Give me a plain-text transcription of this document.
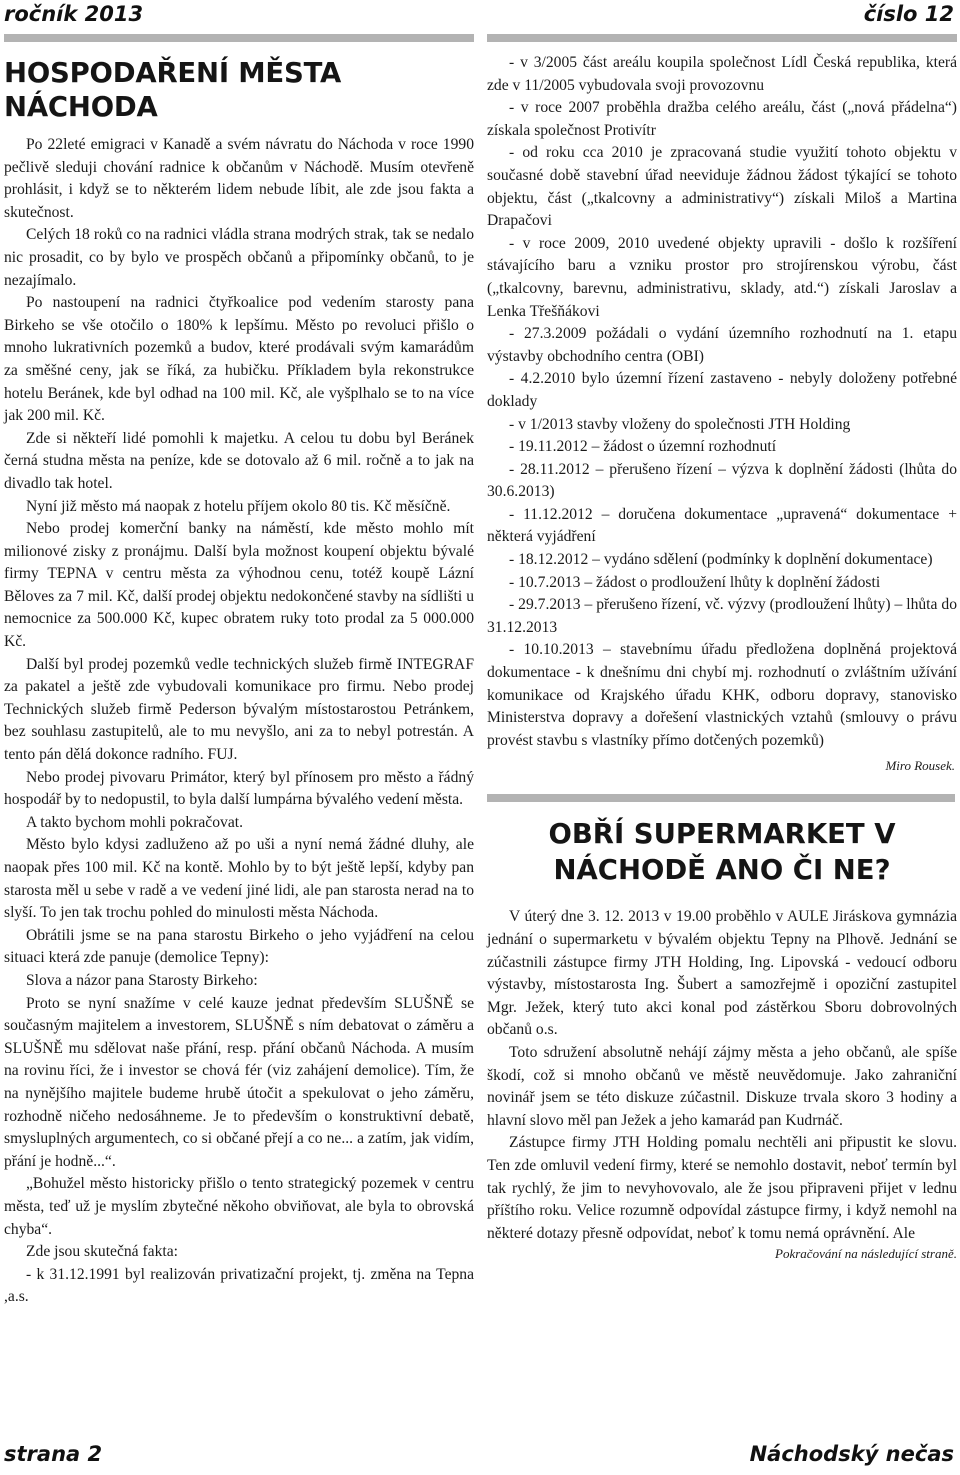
ročník 2013	číslo 12
HOSPODAŘENÍ MĚSTA NÁCHODA

Po 22leté emigraci v Kanadě a svém návratu do Náchoda v roce 1990 pečlivě sleduji chování radnice k občanům v Náchodě. Musím otevřeně prohlásit, i když se to některém lidem nebude líbit, ale zde jsou fakta a skutečnost.

Celých 18 roků co na radnici vládla strana modrých strak, tak se nedalo nic prosadit, co by bylo ve prospěch občanů a připomínky občanů, to je nezajímalo.

Po nastoupení na radnici čtyřkoalice pod vedením starosty pana Birkeho se vše otočilo o 180% k lepšímu. Město po revoluci přišlo o mnoho lukrativních pozemků a budov, které prodávali svým kamarádům za směšné ceny, jak se říká, za hubičku. Příkladem byla rekonstrukce hotelu Beránek, kde byl odhad na 100 mil. Kč, ale vyšplhalo se to na více jak 200 mil. Kč.

Zde si někteří lidé pomohli k majetku. A celou tu dobu byl Beránek černá studna města na peníze, kde se dotovalo až 6 mil. ročně a to jak na divadlo tak hotel.

Nyní již město má naopak z hotelu příjem okolo 80 tis. Kč měsíčně.

Nebo prodej komerční banky na náměstí, kde město mohlo mít milionové zisky z pronájmu. Další byla možnost koupení objektu bývalé firmy TEPNA v centru města za výhodnou cenu, totéž koupě Lázní Běloves za 7 mil. Kč, další prodej objektu nedokončené stavby na sídlišti u nemocnice za 500.000 Kč, kupec obratem ruky toto prodal za 5 000.000 Kč.

Další byl prodej pozemků vedle technických služeb firmě INTEGRAF za pakatel a ještě zde vybudovali komunikace pro firmu. Nebo prodej Technických služeb firmě Pederson bývalým místostarostou Petránkem, bez souhlasu zastupitelů, ale to mu nevyšlo, ani za to nebyl potrestán. A tento pán dělá dokonce radního. FUJ.

Nebo prodej pivovaru Primátor, který byl přínosem pro město a řádný hospodář by to nedopustil, to byla další lumpárna bývalého vedení města.

A takto bychom mohli pokračovat.

Město bylo kdysi zadluženo až po uši a nyní nemá žádné dluhy, ale naopak přes 100 mil. Kč na kontě. Mohlo by to být ještě lepší, kdyby pan starosta měl u sebe v radě a ve vedení jiné lidi, ale pan starosta nerad na to slyší. To jen tak trochu pohled do minulosti města Náchoda.

Obrátili jsme se na pana starostu Birkeho o jeho vyjádření na celou situaci která zde panuje (demolice Tepny):

Slova a názor pana Starosty Birkeho:

Proto se nyní snažíme v celé kauze jednat především SLUŠNĚ se současným majitelem a investorem, SLUŠNĚ s ním debatovat o záměru a SLUŠNĚ mu sdělovat naše přání, resp. přání občanů Náchoda. A musím na rovinu říci, že i investor se chová fér (viz zahájení demolice). Tím, že na nynějšího majitele budeme hrubě útočit a spekulovat o jeho záměru, rozhodně ničeho nedosáhneme. Je to především o konstruktivní debatě, smysluplných argumentech, co si občané přejí a co ne... a zatím, jak vidím, přání je hodně...“.

„Bohužel město historicky přišlo o tento strategický pozemek v centru města, teď už je myslím zbytečné někoho obviňovat, ale byla to obrovská chyba“.

Zde jsou skutečná fakta:

- k 31.12.1991 byl realizován privatizační projekt, tj. změna na Tepna ,a.s.

- v 3/2005 část areálu koupila společnost Lídl Česká republika, která zde v 11/2005 vybudovala svoji provozovnu

- v roce 2007 proběhla dražba celého areálu, část („nová přádelna“) získala společnost Protivítr

- od roku cca 2010 je zpracovaná studie využití tohoto objektu v současné době stavební úřad neeviduje žádnou žádost týkající se tohoto objektu, část („tkalcovny a administrativy“) získali Miloš a Martina Drapačovi

- v roce 2009, 2010 uvedené objekty upravili - došlo k rozšíření stávajícího baru a vzniku prostor pro strojírenskou výrobu, část („tkalcovny, barevnu, administrativu, sklady, atd.“) získali Jaroslav a Lenka Třešňákovi

- 27.3.2009 požádali o vydání územního rozhodnutí na 1. etapu výstavby obchodního centra (OBI)

- 4.2.2010 bylo územní řízení zastaveno - nebyly doloženy potřebné doklady

- v 1/2013 stavby vloženy do společnosti JTH Holding

- 19.11.2012 – žádost o územní rozhodnutí

- 28.11.2012 – přerušeno řízení – výzva k doplnění žádosti (lhůta do 30.6.2013)

- 11.12.2012 – doručena dokumentace „upravená“ dokumentace + některá vyjádření

- 18.12.2012 – vydáno sdělení (podmínky k doplnění dokumentace)

- 10.7.2013 – žádost o prodloužení lhůty k doplnění žádosti

- 29.7.2013 – přerušeno řízení, vč. výzvy (prodloužení lhůty) – lhůta do 31.12.2013

- 10.10.2013 – stavebnímu úřadu předložena doplněná projektová dokumentace - k dnešnímu dni chybí mj. rozhodnutí o zvláštním užívání komunikace od Krajského úřadu KHK, odboru dopravy, stanovisko Ministerstva dopravy a dořešení vlastnických vztahů (smlouvy o právu provést stavbu s vlastníky přímo dotčených pozemků)

Miro Rousek.
OBŘÍ SUPERMARKET V NÁCHODĚ ANO ČI NE?

V úterý dne 3. 12. 2013 v 19.00 proběhlo v AULE Jiráskova gymnázia jednání o supermarketu v bývalém objektu Tepny na Plhově. Jednání se zúčastnili zástupce firmy JTH Holding, Ing. Lipovská - vedoucí odboru výstavby, místostarosta Ing. Šubert a samozřejmě i opoziční zastupitel Mgr. Ježek, který tuto akci konal pod zástěrkou Sboru dobrovolných občanů o.s.

Toto sdružení absolutně nehájí zájmy města a jeho občanů, ale spíše škodí, což si mnoho občanů ve městě neuvědomuje. Jako zahraniční novinář jsem se této diskuze zúčastnil. Diskuze trvala skoro 3 hodiny a hlavní slovo měl pan Ježek a jeho kamarád pan Kudrnáč.

Zástupce firmy JTH Holding pomalu nechtěli ani připustit ke slovu. Ten zde omluvil vedení firmy, které se nemohlo dostavit, neboť termín byl tak rychlý, že jim to nevyhovovalo, ale že jsou připraveni přijet v lednu příštího roku. Velice rozumně odpovídal zástupce firmy, i když nemohl na některé dotazy přesně odpovídat, neboť k tomu nemá oprávnění. Ale

Pokračování na následující straně.
strana 2	Náchodský nečas
